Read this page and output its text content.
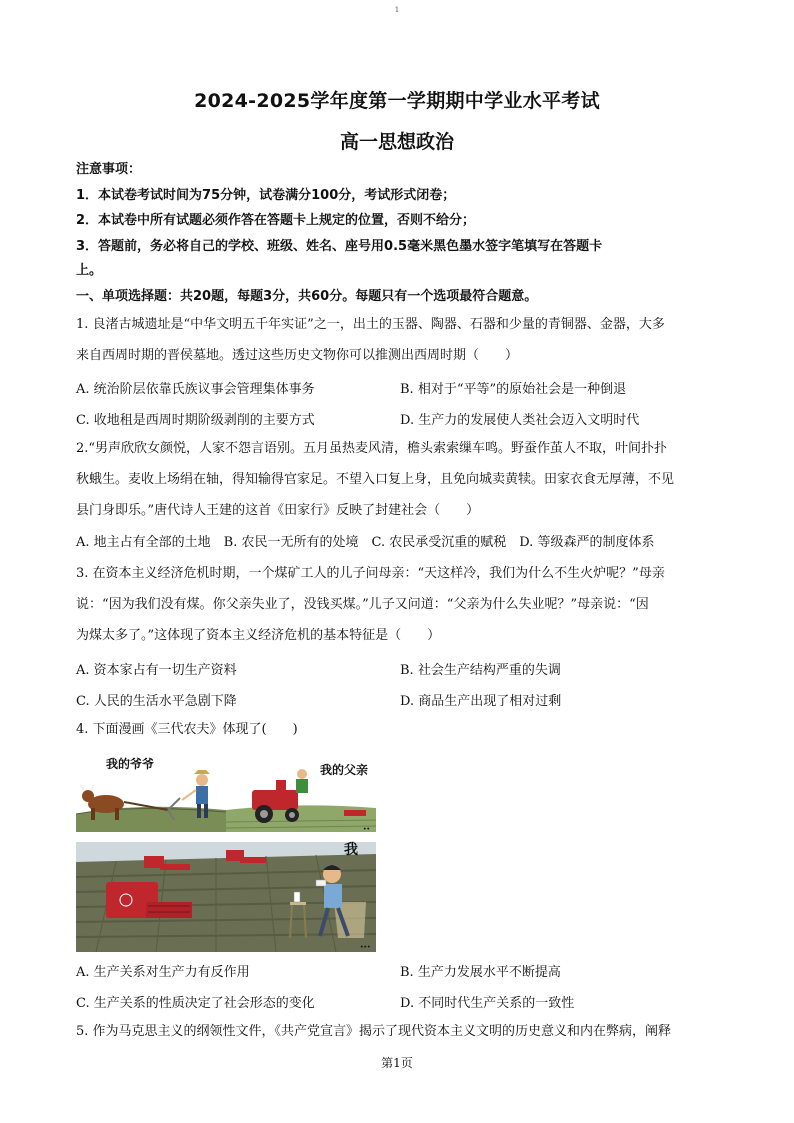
1
2024-2025学年度第一学期期中学业水平考试
高一思想政治
注意事项：
1．本试卷考试时间为75分钟，试卷满分100分，考试形式闭卷；
2．本试卷中所有试题必须作答在答题卡上规定的位置，否则不给分；
3．答题前，务必将自己的学校、班级、姓名、座号用0.5毫米黑色墨水签字笔填写在答题卡
上。
一、单项选择题：共20题，每题3分，共60分。每题只有一个选项最符合题意。
1. 良渚古城遗址是“中华文明五千年实证”之一，出土的玉器、陶器、石器和少量的青铜器、金器，大多
来自西周时期的晋侯墓地。透过这些历史文物你可以推测出西周时期（　　）
A. 统治阶层依靠氏族议事会管理集体事务	B. 相对于“平等”的原始社会是一种倒退
C. 收地租是西周时期阶级剥削的主要方式	D. 生产力的发展使人类社会迈入文明时代
2.“男声欣欣女颜悦，人家不怨言语别。五月虽热麦风清，檐头索索缫车鸣。野蚕作茧人不取，叶间扑扑
秋蛾生。麦收上场绢在轴，得知输得官家足。不望入口复上身，且免向城卖黄犊。田家衣食无厚薄，不见
县门身即乐。”唐代诗人王建的这首《田家行》反映了封建社会（　　）
A. 地主占有全部的土地　B. 农民一无所有的处境　C. 农民承受沉重的赋税　D. 等级森严的制度体系
3. 在资本主义经济危机时期，一个煤矿工人的儿子问母亲：“天这样冷，我们为什么不生火炉呢？”母亲
说：“因为我们没有煤。你父亲失业了，没钱买煤。”儿子又问道：“父亲为什么失业呢？”母亲说：“因
为煤太多了。”这体现了资本主义经济危机的基本特征是（　　）
A. 资本家占有一切生产资料	B. 社会生产结构严重的失调
C. 人民的生活水平急剧下降	D. 商品生产出现了相对过剩
4. 下面漫画《三代农夫》体现了(　　)
我的爷爷	我的父亲
··
我
···
A. 生产关系对生产力有反作用	B. 生产力发展水平不断提高
C. 生产关系的性质决定了社会形态的变化	D. 不同时代生产关系的一致性
5. 作为马克思主义的纲领性文件，《共产党宣言》揭示了现代资本主义文明的历史意义和内在弊病，阐释
第1页
